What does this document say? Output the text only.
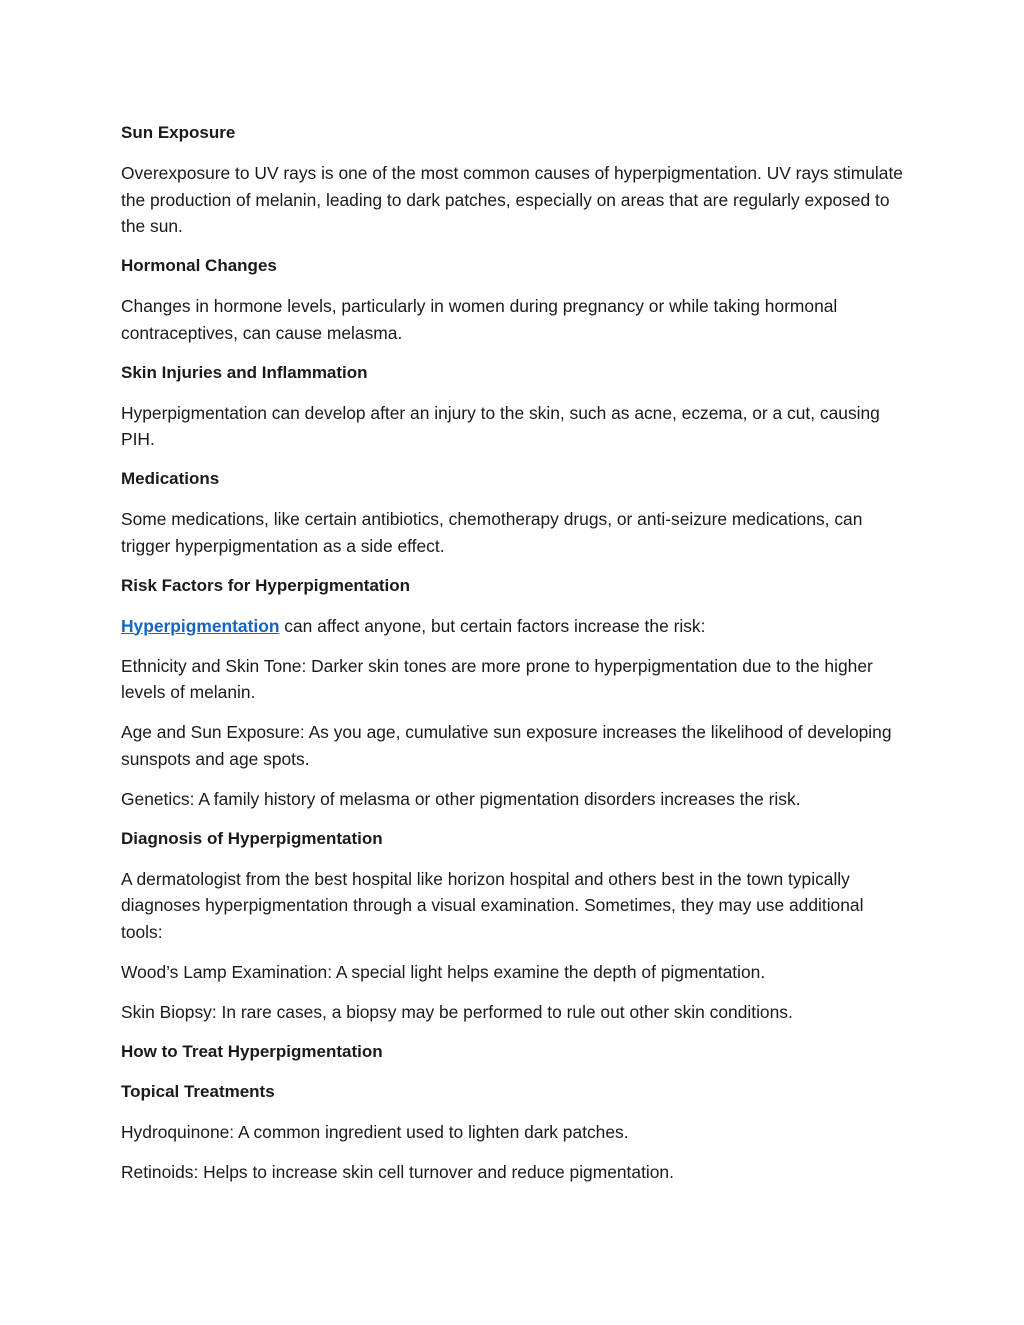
Sun Exposure
Overexposure to UV rays is one of the most common causes of hyperpigmentation. UV rays stimulate the production of melanin, leading to dark patches, especially on areas that are regularly exposed to the sun.
Hormonal Changes
Changes in hormone levels, particularly in women during pregnancy or while taking hormonal contraceptives, can cause melasma.
Skin Injuries and Inflammation
Hyperpigmentation can develop after an injury to the skin, such as acne, eczema, or a cut, causing PIH.
Medications
Some medications, like certain antibiotics, chemotherapy drugs, or anti-seizure medications, can trigger hyperpigmentation as a side effect.
Risk Factors for Hyperpigmentation
Hyperpigmentation can affect anyone, but certain factors increase the risk:
Ethnicity and Skin Tone: Darker skin tones are more prone to hyperpigmentation due to the higher levels of melanin.
Age and Sun Exposure: As you age, cumulative sun exposure increases the likelihood of developing sunspots and age spots.
Genetics: A family history of melasma or other pigmentation disorders increases the risk.
Diagnosis of Hyperpigmentation
A dermatologist from the best hospital like horizon hospital and others best in the town typically diagnoses hyperpigmentation through a visual examination. Sometimes, they may use additional tools:
Wood’s Lamp Examination: A special light helps examine the depth of pigmentation.
Skin Biopsy: In rare cases, a biopsy may be performed to rule out other skin conditions.
How to Treat Hyperpigmentation
Topical Treatments
Hydroquinone: A common ingredient used to lighten dark patches.
Retinoids: Helps to increase skin cell turnover and reduce pigmentation.
